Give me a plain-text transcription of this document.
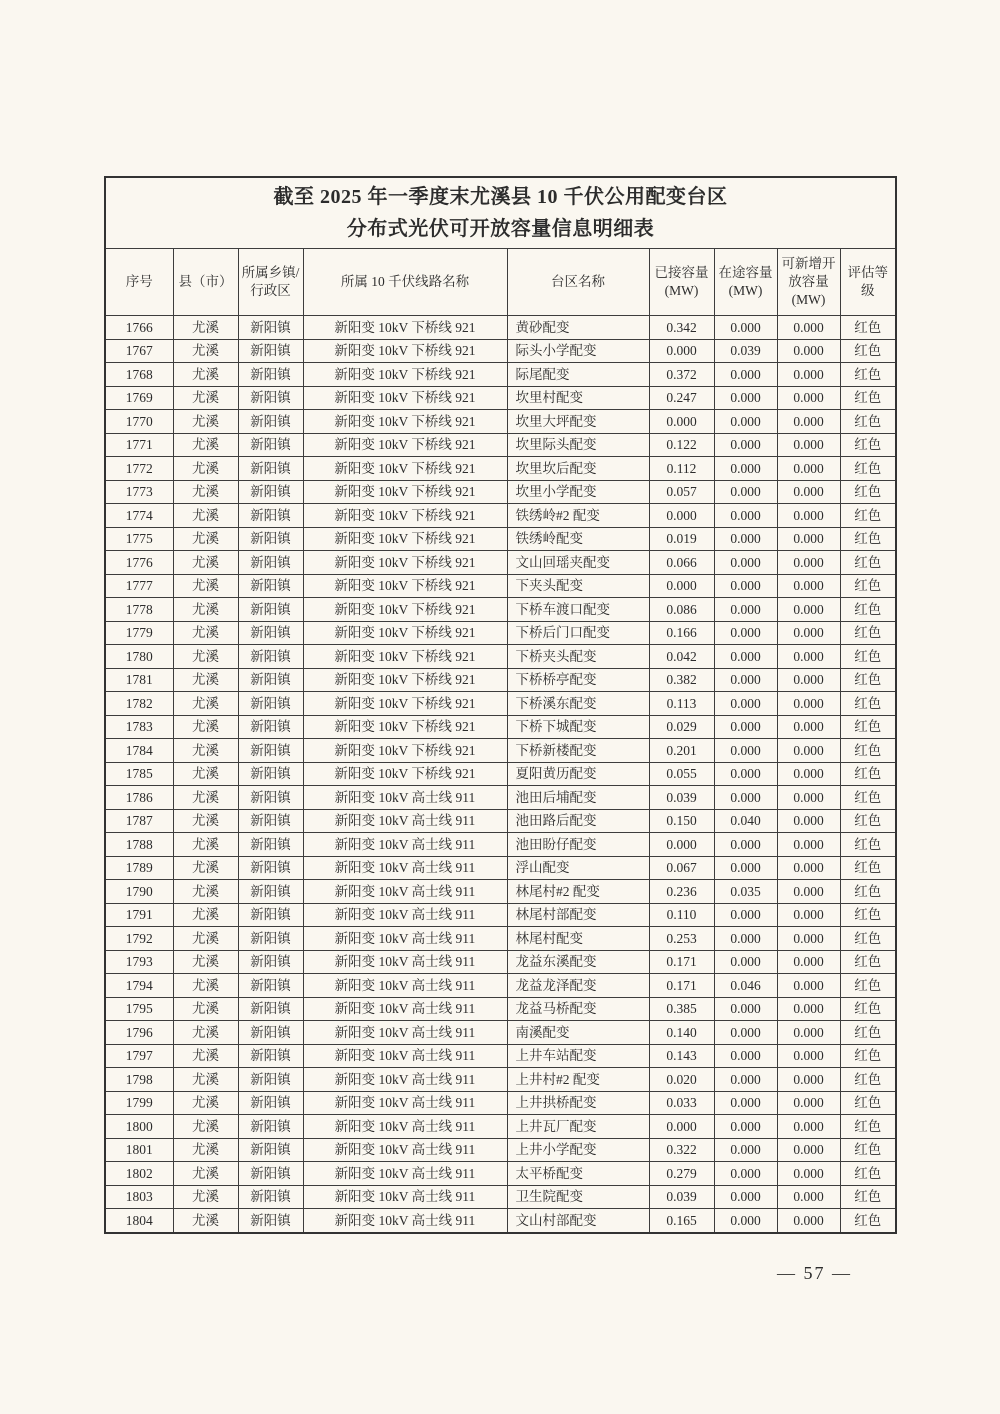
截至 2025 年一季度末尤溪县 10 千伏公用配变台区
分布式光伏可开放容量信息明细表								

序号	县（市）	所属乡镇/行政区	所属 10 千伏线路名称	台区名称	已接容量(MW)	在途容量(MW)	可新增开放容量(MW)	评估等级
1766	尤溪	新阳镇	新阳变 10kV 下桥线 921	黄砂配变	0.342	0.000	0.000	红色
1767	尤溪	新阳镇	新阳变 10kV 下桥线 921	际头小学配变	0.000	0.039	0.000	红色
1768	尤溪	新阳镇	新阳变 10kV 下桥线 921	际尾配变	0.372	0.000	0.000	红色
1769	尤溪	新阳镇	新阳变 10kV 下桥线 921	坎里村配变	0.247	0.000	0.000	红色
1770	尤溪	新阳镇	新阳变 10kV 下桥线 921	坎里大坪配变	0.000	0.000	0.000	红色
1771	尤溪	新阳镇	新阳变 10kV 下桥线 921	坎里际头配变	0.122	0.000	0.000	红色
1772	尤溪	新阳镇	新阳变 10kV 下桥线 921	坎里坎后配变	0.112	0.000	0.000	红色
1773	尤溪	新阳镇	新阳变 10kV 下桥线 921	坎里小学配变	0.057	0.000	0.000	红色
1774	尤溪	新阳镇	新阳变 10kV 下桥线 921	铁绣岭#2 配变	0.000	0.000	0.000	红色
1775	尤溪	新阳镇	新阳变 10kV 下桥线 921	铁绣岭配变	0.019	0.000	0.000	红色
1776	尤溪	新阳镇	新阳变 10kV 下桥线 921	文山回瑶夹配变	0.066	0.000	0.000	红色
1777	尤溪	新阳镇	新阳变 10kV 下桥线 921	下夹头配变	0.000	0.000	0.000	红色
1778	尤溪	新阳镇	新阳变 10kV 下桥线 921	下桥车渡口配变	0.086	0.000	0.000	红色
1779	尤溪	新阳镇	新阳变 10kV 下桥线 921	下桥后门口配变	0.166	0.000	0.000	红色
1780	尤溪	新阳镇	新阳变 10kV 下桥线 921	下桥夹头配变	0.042	0.000	0.000	红色
1781	尤溪	新阳镇	新阳变 10kV 下桥线 921	下桥桥亭配变	0.382	0.000	0.000	红色
1782	尤溪	新阳镇	新阳变 10kV 下桥线 921	下桥溪东配变	0.113	0.000	0.000	红色
1783	尤溪	新阳镇	新阳变 10kV 下桥线 921	下桥下城配变	0.029	0.000	0.000	红色
1784	尤溪	新阳镇	新阳变 10kV 下桥线 921	下桥新楼配变	0.201	0.000	0.000	红色
1785	尤溪	新阳镇	新阳变 10kV 下桥线 921	夏阳黄历配变	0.055	0.000	0.000	红色
1786	尤溪	新阳镇	新阳变 10kV 高士线 911	池田后埔配变	0.039	0.000	0.000	红色
1787	尤溪	新阳镇	新阳变 10kV 高士线 911	池田路后配变	0.150	0.040	0.000	红色
1788	尤溪	新阳镇	新阳变 10kV 高士线 911	池田盼仔配变	0.000	0.000	0.000	红色
1789	尤溪	新阳镇	新阳变 10kV 高士线 911	浮山配变	0.067	0.000	0.000	红色
1790	尤溪	新阳镇	新阳变 10kV 高士线 911	林尾村#2 配变	0.236	0.035	0.000	红色
1791	尤溪	新阳镇	新阳变 10kV 高士线 911	林尾村部配变	0.110	0.000	0.000	红色
1792	尤溪	新阳镇	新阳变 10kV 高士线 911	林尾村配变	0.253	0.000	0.000	红色
1793	尤溪	新阳镇	新阳变 10kV 高士线 911	龙益东溪配变	0.171	0.000	0.000	红色
1794	尤溪	新阳镇	新阳变 10kV 高士线 911	龙益龙泽配变	0.171	0.046	0.000	红色
1795	尤溪	新阳镇	新阳变 10kV 高士线 911	龙益马桥配变	0.385	0.000	0.000	红色
1796	尤溪	新阳镇	新阳变 10kV 高士线 911	南溪配变	0.140	0.000	0.000	红色
1797	尤溪	新阳镇	新阳变 10kV 高士线 911	上井车站配变	0.143	0.000	0.000	红色
1798	尤溪	新阳镇	新阳变 10kV 高士线 911	上井村#2 配变	0.020	0.000	0.000	红色
1799	尤溪	新阳镇	新阳变 10kV 高士线 911	上井拱桥配变	0.033	0.000	0.000	红色
1800	尤溪	新阳镇	新阳变 10kV 高士线 911	上井瓦厂配变	0.000	0.000	0.000	红色
1801	尤溪	新阳镇	新阳变 10kV 高士线 911	上井小学配变	0.322	0.000	0.000	红色
1802	尤溪	新阳镇	新阳变 10kV 高士线 911	太平桥配变	0.279	0.000	0.000	红色
1803	尤溪	新阳镇	新阳变 10kV 高士线 911	卫生院配变	0.039	0.000	0.000	红色
1804	尤溪	新阳镇	新阳变 10kV 高士线 911	文山村部配变	0.165	0.000	0.000	红色
— 57 —
